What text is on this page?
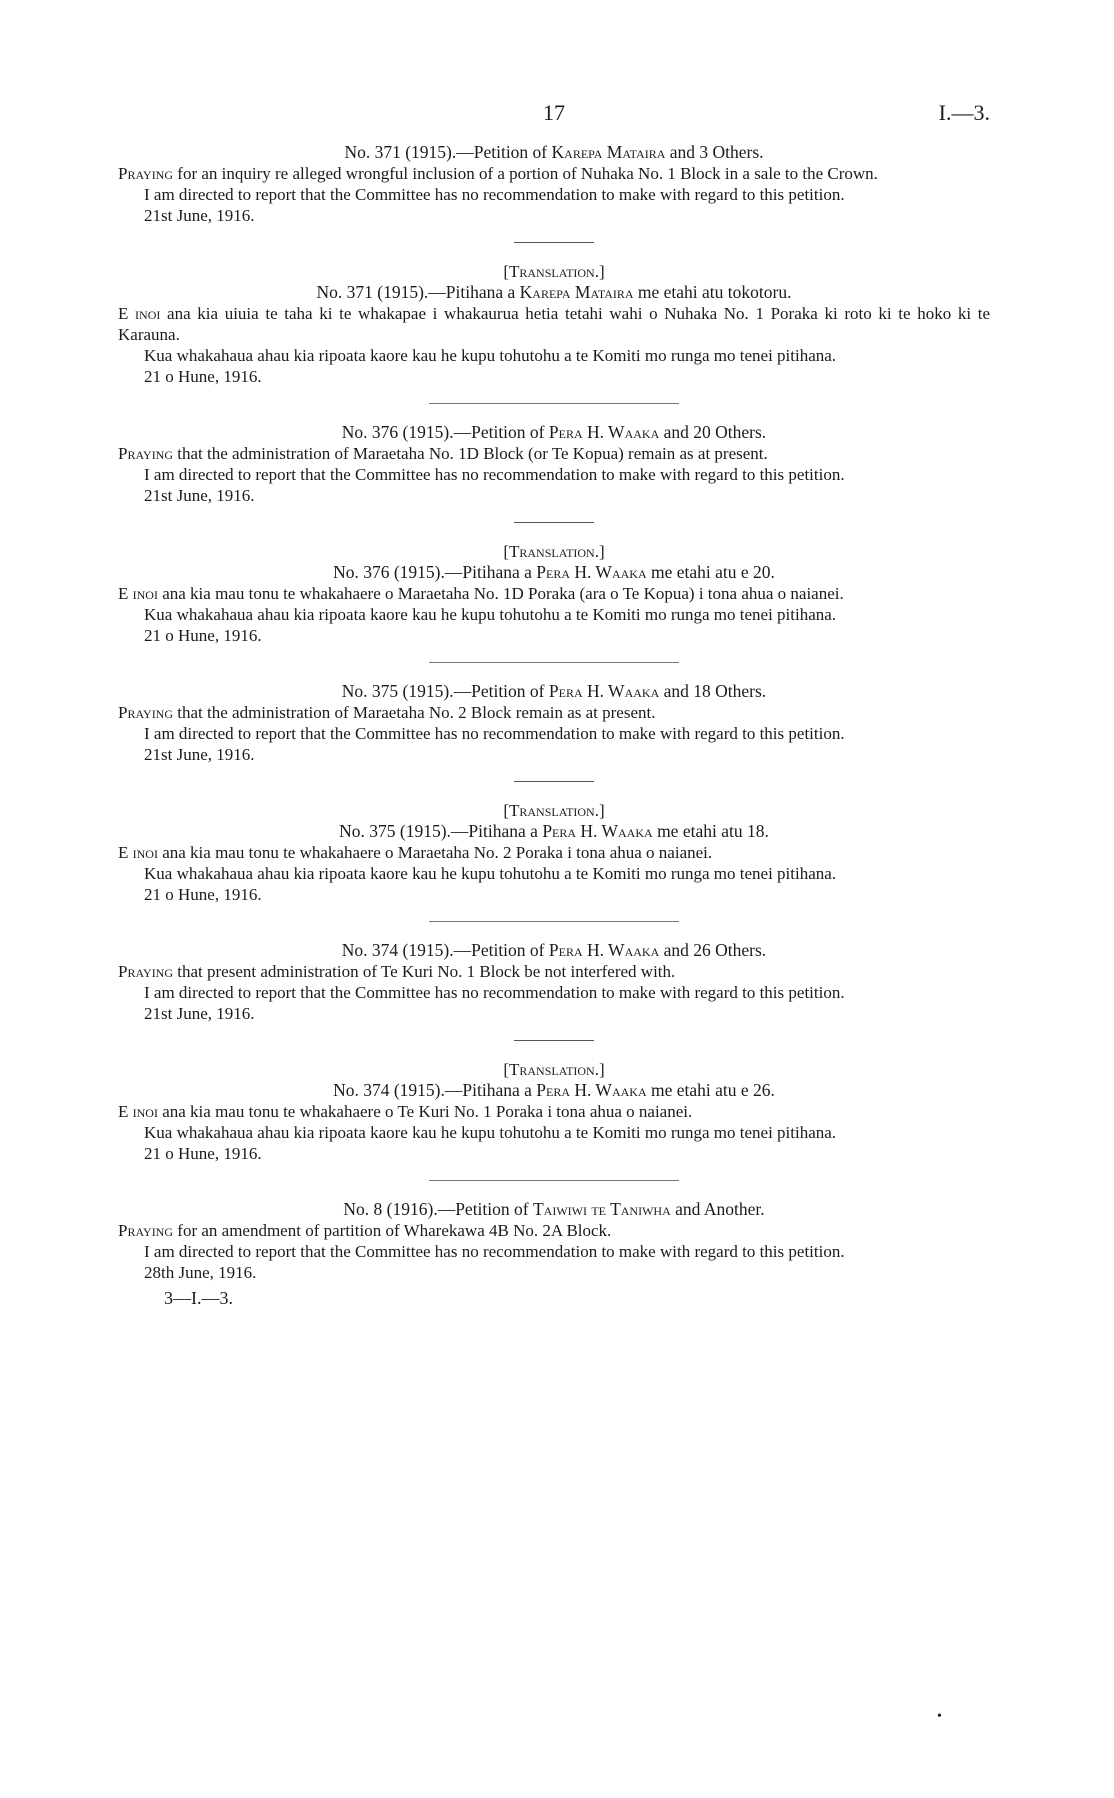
17	I.—3.

No. 371 (1915).—Petition of Karepa Mataira and 3 Others.

Praying for an inquiry re alleged wrongful inclusion of a portion of Nuhaka No. 1 Block in a sale to the Crown.

I am directed to report that the Committee has no recommendation to make with regard to this petition.

21st June, 1916.

[Translation.]

No. 371 (1915).—Pitihana a Karepa Mataira me etahi atu tokotoru.

E inoi ana kia uiuia te taha ki te whakapae i whakaurua hetia tetahi wahi o Nuhaka No. 1 Poraka ki roto ki te hoko ki te Karauna.

Kua whakahaua ahau kia ripoata kaore kau he kupu tohutohu a te Komiti mo runga mo tenei pitihana.

21 o Hune, 1916.

No. 376 (1915).—Petition of Pera H. Waaka and 20 Others.

Praying that the administration of Maraetaha No. 1D Block (or Te Kopua) remain as at present.

I am directed to report that the Committee has no recommendation to make with regard to this petition.

21st June, 1916.

[Translation.]

No. 376 (1915).—Pitihana a Pera H. Waaka me etahi atu e 20.

E inoi ana kia mau tonu te whakahaere o Maraetaha No. 1D Poraka (ara o Te Kopua) i tona ahua o naianei.

Kua whakahaua ahau kia ripoata kaore kau he kupu tohutohu a te Komiti mo runga mo tenei pitihana.

21 o Hune, 1916.

No. 375 (1915).—Petition of Pera H. Waaka and 18 Others.

Praying that the administration of Maraetaha No. 2 Block remain as at present.

I am directed to report that the Committee has no recommendation to make with regard to this petition.

21st June, 1916.

[Translation.]

No. 375 (1915).—Pitihana a Pera H. Waaka me etahi atu 18.

E inoi ana kia mau tonu te whakahaere o Maraetaha No. 2 Poraka i tona ahua o naianei.

Kua whakahaua ahau kia ripoata kaore kau he kupu tohutohu a te Komiti mo runga mo tenei pitihana.

21 o Hune, 1916.

No. 374 (1915).—Petition of Pera H. Waaka and 26 Others.

Praying that present administration of Te Kuri No. 1 Block be not interfered with.

I am directed to report that the Committee has no recommendation to make with regard to this petition.

21st June, 1916.

[Translation.]

No. 374 (1915).—Pitihana a Pera H. Waaka me etahi atu e 26.

E inoi ana kia mau tonu te whakahaere o Te Kuri No. 1 Poraka i tona ahua o naianei.

Kua whakahaua ahau kia ripoata kaore kau he kupu tohutohu a te Komiti mo runga mo tenei pitihana.

21 o Hune, 1916.

No. 8 (1916).—Petition of Taiwiwi te Taniwha and Another.

Praying for an amendment of partition of Wharekawa 4B No. 2A Block.

I am directed to report that the Committee has no recommendation to make with regard to this petition.

28th June, 1916.

3—I.—3.

•
